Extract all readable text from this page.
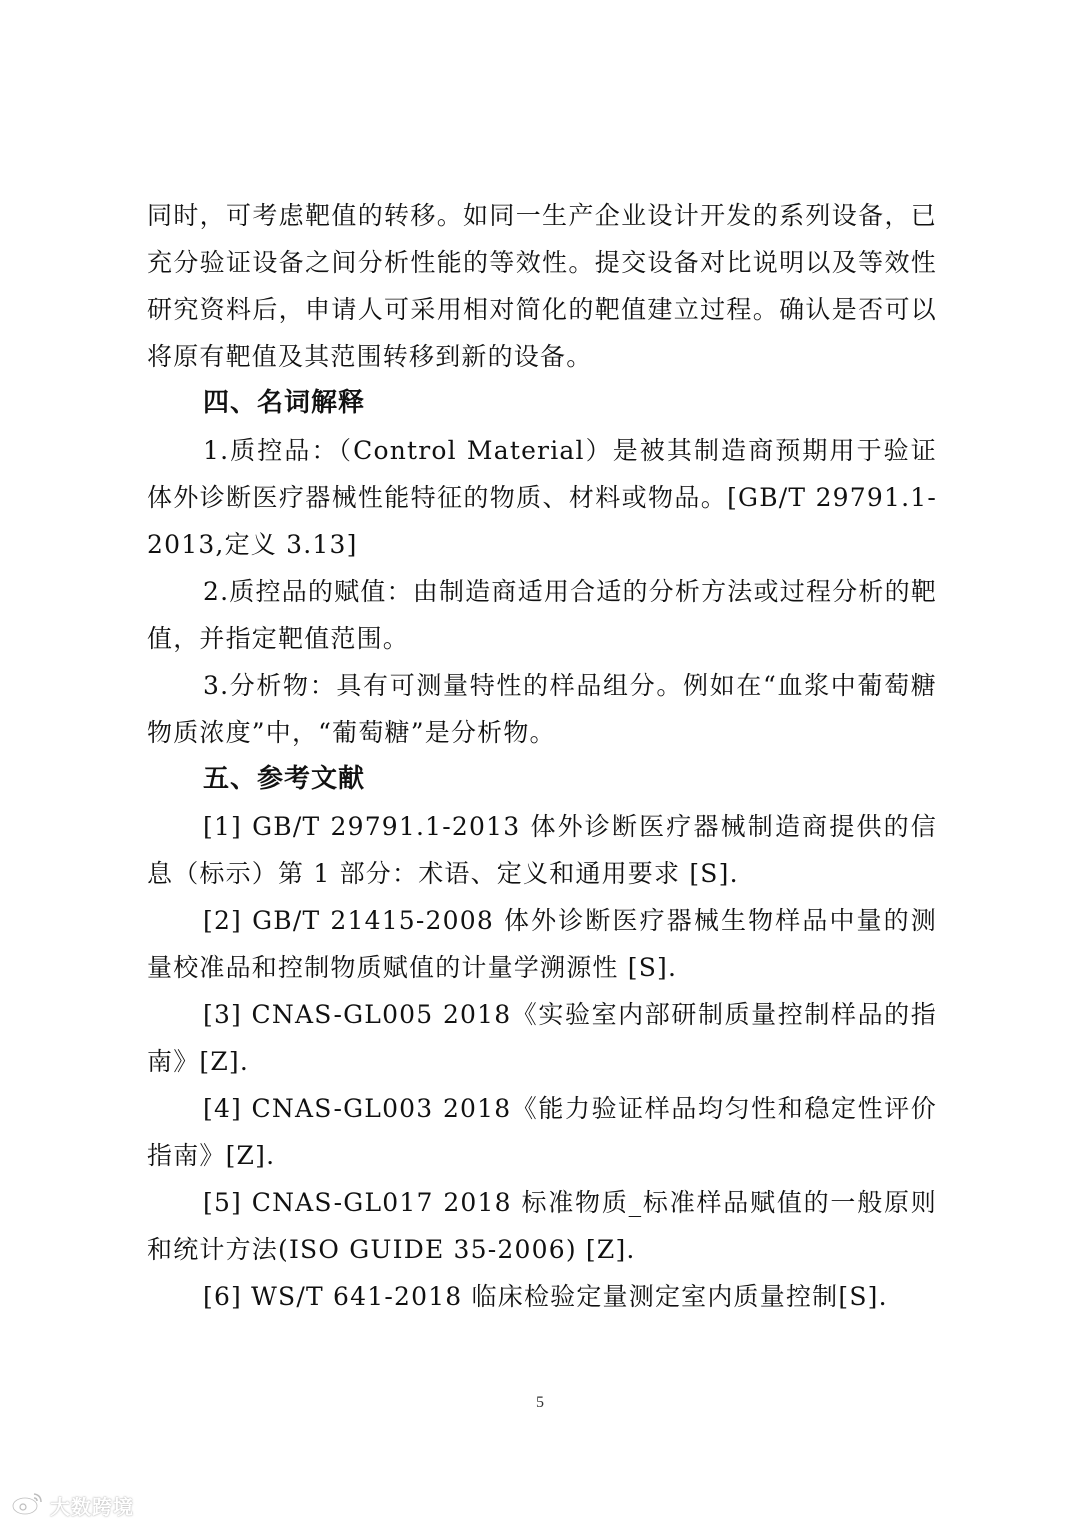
同时，可考虑靶值的转移。如同一生产企业设计开发的系列设备，已充分验证设备之间分析性能的等效性。提交设备对比说明以及等效性研究资料后，申请人可采用相对简化的靶值建立过程。确认是否可以将原有靶值及其范围转移到新的设备。

四、名词解释

1.质控品：（Control Material）是被其制造商预期用于验证体外诊断医疗器械性能特征的物质、材料或物品。[GB/T 29791.1-2013,定义 3.13]

2.质控品的赋值：由制造商适用合适的分析方法或过程分析的靶值，并指定靶值范围。

3.分析物：具有可测量特性的样品组分。例如在“血浆中葡萄糖物质浓度”中，“葡萄糖”是分析物。

五、参考文献

[1] GB/T 29791.1-2013 体外诊断医疗器械制造商提供的信息（标示）第 1 部分：术语、定义和通用要求 [S].

[2] GB/T 21415-2008 体外诊断医疗器械生物样品中量的测量校准品和控制物质赋值的计量学溯源性 [S].

[3] CNAS-GL005 2018《实验室内部研制质量控制样品的指南》[Z].

[4] CNAS-GL003 2018《能力验证样品均匀性和稳定性评价指南》[Z].

[5] CNAS-GL017 2018 标准物质_标准样品赋值的一般原则和统计方法(ISO GUIDE 35-2006) [Z].

[6] WS/T 641-2018 临床检验定量测定室内质量控制[S].

5
大数跨境
